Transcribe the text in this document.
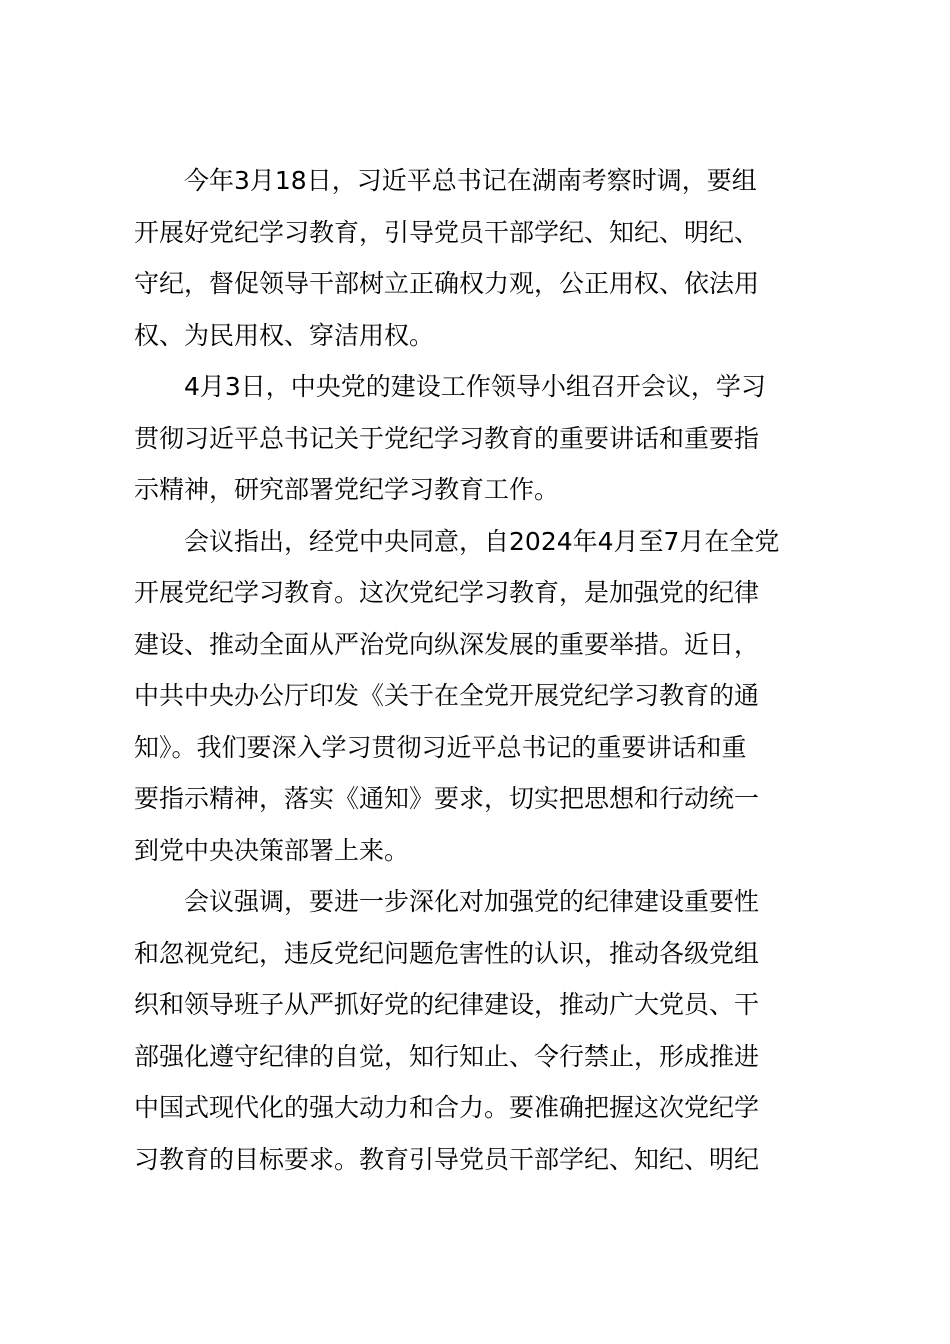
今年3月18日，习近平总书记在湖南考察时调，要组
开展好党纪学习教育，引导党员干部学纪、知纪、明纪、
守纪，督促领导干部树立正确权力观，公正用权、依法用
权、为民用权、穿洁用权。
4月3日，中央党的建设工作领导小组召开会议，学习
贯彻习近平总书记关于党纪学习教育的重要讲话和重要指
示精神，研究部署党纪学习教育工作。
会议指出，经党中央同意，自2024年4月至7月在全党
开展党纪学习教育。这次党纪学习教育，是加强党的纪律
建设、推动全面从严治党向纵深发展的重要举措。近日，
中共中央办公厅印发《关于在全党开展党纪学习教育的通
知》。我们要深入学习贯彻习近平总书记的重要讲话和重
要指示精神，落实《通知》要求，切实把思想和行动统一
到党中央决策部署上来。
会议强调，要进一步深化对加强党的纪律建设重要性
和忽视党纪，违反党纪问题危害性的认识，推动各级党组
织和领导班子从严抓好党的纪律建设，推动广大党员、干
部强化遵守纪律的自觉，知行知止、令行禁止，形成推进
中国式现代化的强大动力和合力。要准确把握这次党纪学
习教育的目标要求。教育引导党员干部学纪、知纪、明纪
